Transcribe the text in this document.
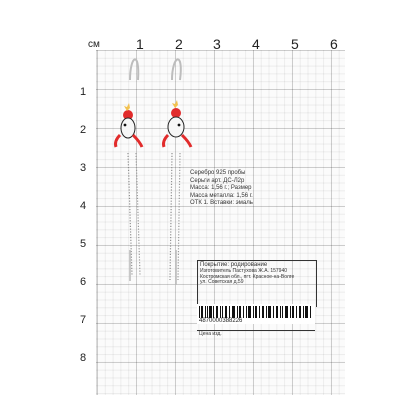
см	1 2 3 4 5 6
1
2
3
4
5
6
7
8
Серебро 925 пробы
Серьги арт. ДС-Л2р
Масса: 1,56 г.; Размер
Масса металла: 1,56 г.
ОТК 1. Вставки: эмаль
Покрытие: родирование
Изготовитель Пастухова Ж.А. 157940
Костромская обл., пгт. Красное-на-Волге
ул. Советская д.59
4870000388226
Цена изд.
